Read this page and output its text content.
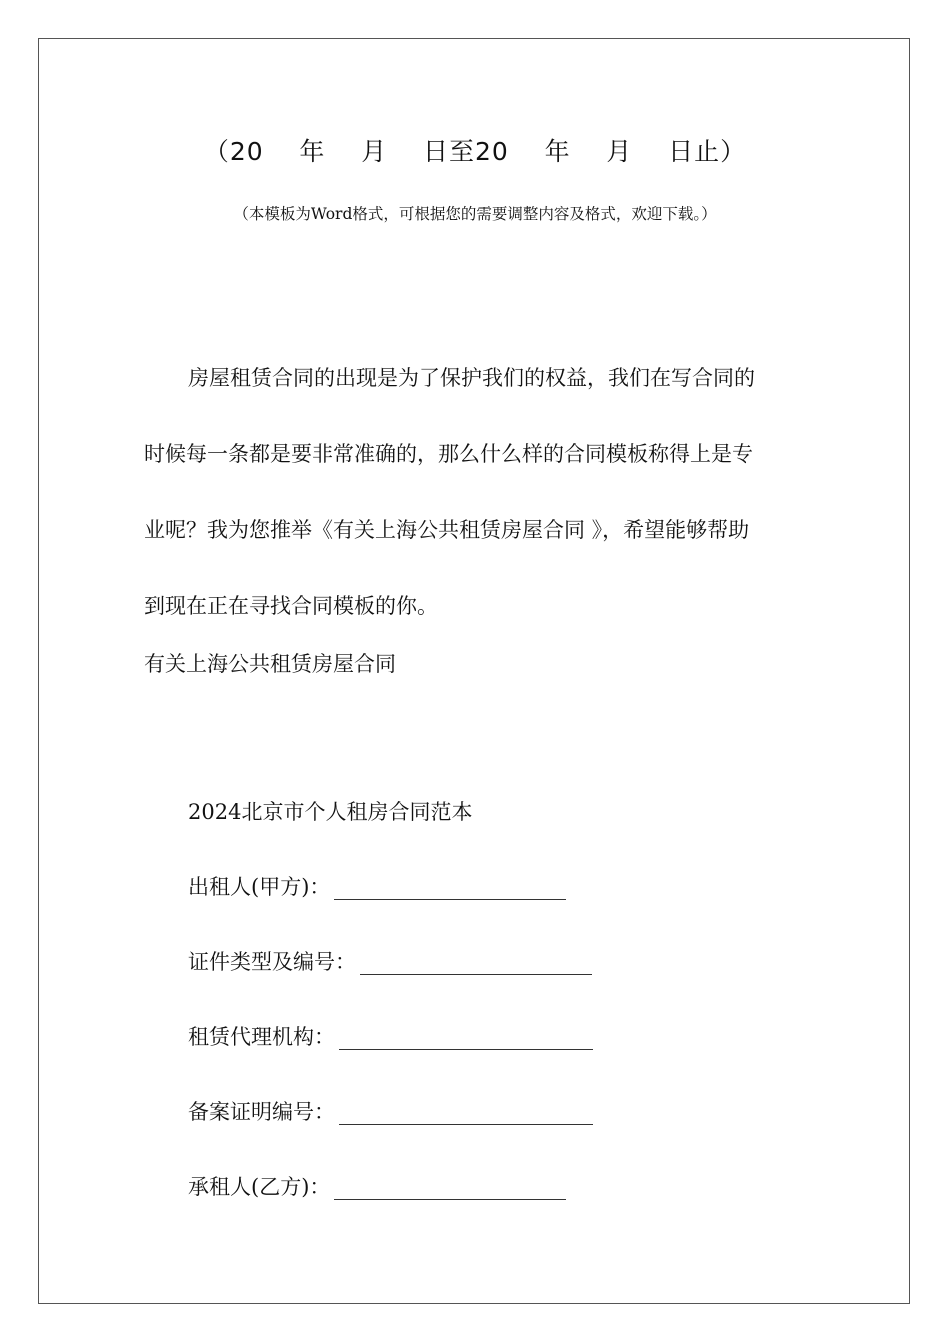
（20    年    月    日至20    年    月    日止）
（本模板为Word格式，可根据您的需要调整内容及格式，欢迎下载。）
房屋租赁合同的出现是为了保护我们的权益，我们在写合同的
时候每一条都是要非常准确的，那么什么样的合同模板称得上是专
业呢？我为您推举《有关上海公共租赁房屋合同 》，希望能够帮助
到现在正在寻找合同模板的你。
有关上海公共租赁房屋合同
2024北京市个人租房合同范本
出租人(甲方)：
证件类型及编号：
租赁代理机构：
备案证明编号：
承租人(乙方)：
